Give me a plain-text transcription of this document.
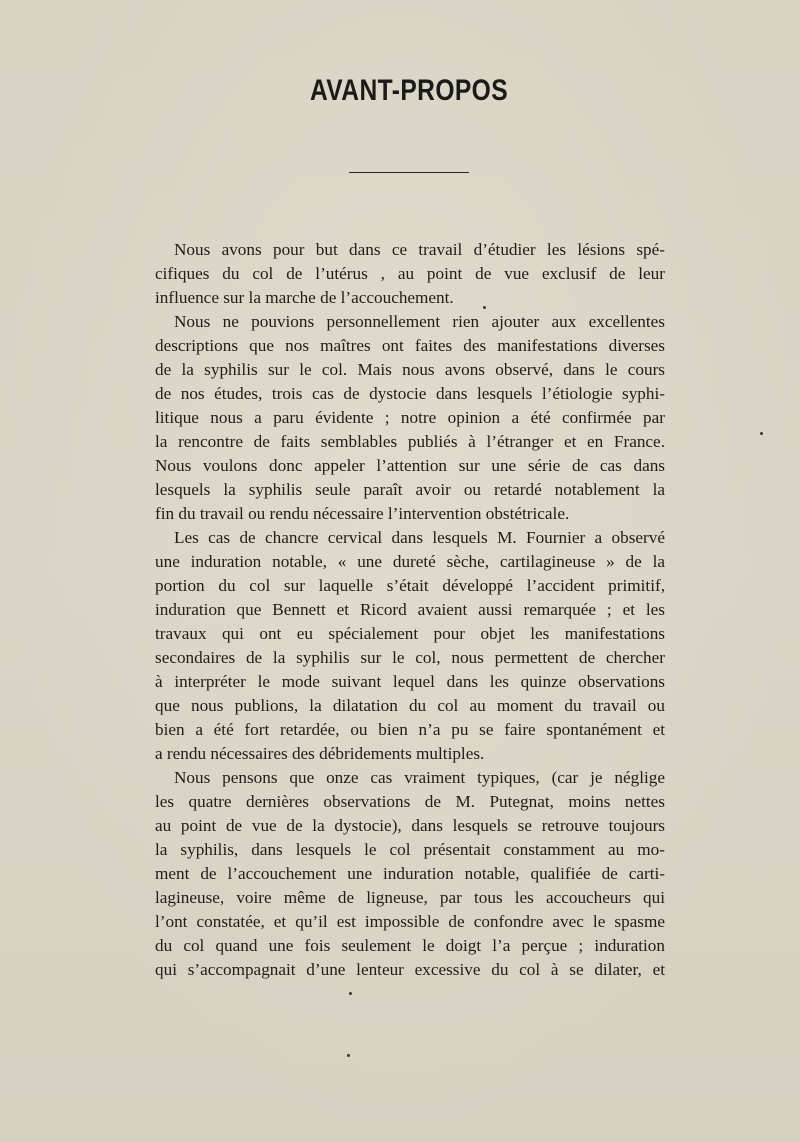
AVANT-PROPOS
Nous avons pour but dans ce travail d’étudier les lésions spé-
cifiques du col de l’utérus , au point de vue exclusif de leur
influence sur la marche de l’accouchement.
Nous ne pouvions personnellement rien ajouter aux excellentes
descriptions que nos maîtres ont faites des manifestations diverses
de la syphilis sur le col. Mais nous avons observé, dans le cours
de nos études, trois cas de dystocie dans lesquels l’étiologie syphi-
litique nous a paru évidente ; notre opinion a été confirmée par
la rencontre de faits semblables publiés à l’étranger et en France.
Nous voulons donc appeler l’attention sur une série de cas dans
lesquels la syphilis seule paraît avoir ou retardé notablement la
fin du travail ou rendu nécessaire l’intervention obstétricale.
Les cas de chancre cervical dans lesquels M. Fournier a observé
une induration notable, « une dureté sèche, cartilagineuse » de la
portion du col sur laquelle s’était développé l’accident primitif,
induration que Bennett et Ricord avaient aussi remarquée ; et les
travaux qui ont eu spécialement pour objet les manifestations
secondaires de la syphilis sur le col, nous permettent de chercher
à interpréter le mode suivant lequel dans les quinze observations
que nous publions, la dilatation du col au moment du travail ou
bien a été fort retardée, ou bien n’a pu se faire spontanément et
a rendu nécessaires des débridements multiples.
Nous pensons que onze cas vraiment typiques, (car je néglige
les quatre dernières observations de M. Putegnat, moins nettes
au point de vue de la dystocie), dans lesquels se retrouve toujours
la syphilis, dans lesquels le col présentait constamment au mo-
ment de l’accouchement une induration notable, qualifiée de carti-
lagineuse, voire même de ligneuse, par tous les accoucheurs qui
l’ont constatée, et qu’il est impossible de confondre avec le spasme
du col quand une fois seulement le doigt l’a perçue ; induration
qui s’accompagnait d’une lenteur excessive du col à se dilater, et
